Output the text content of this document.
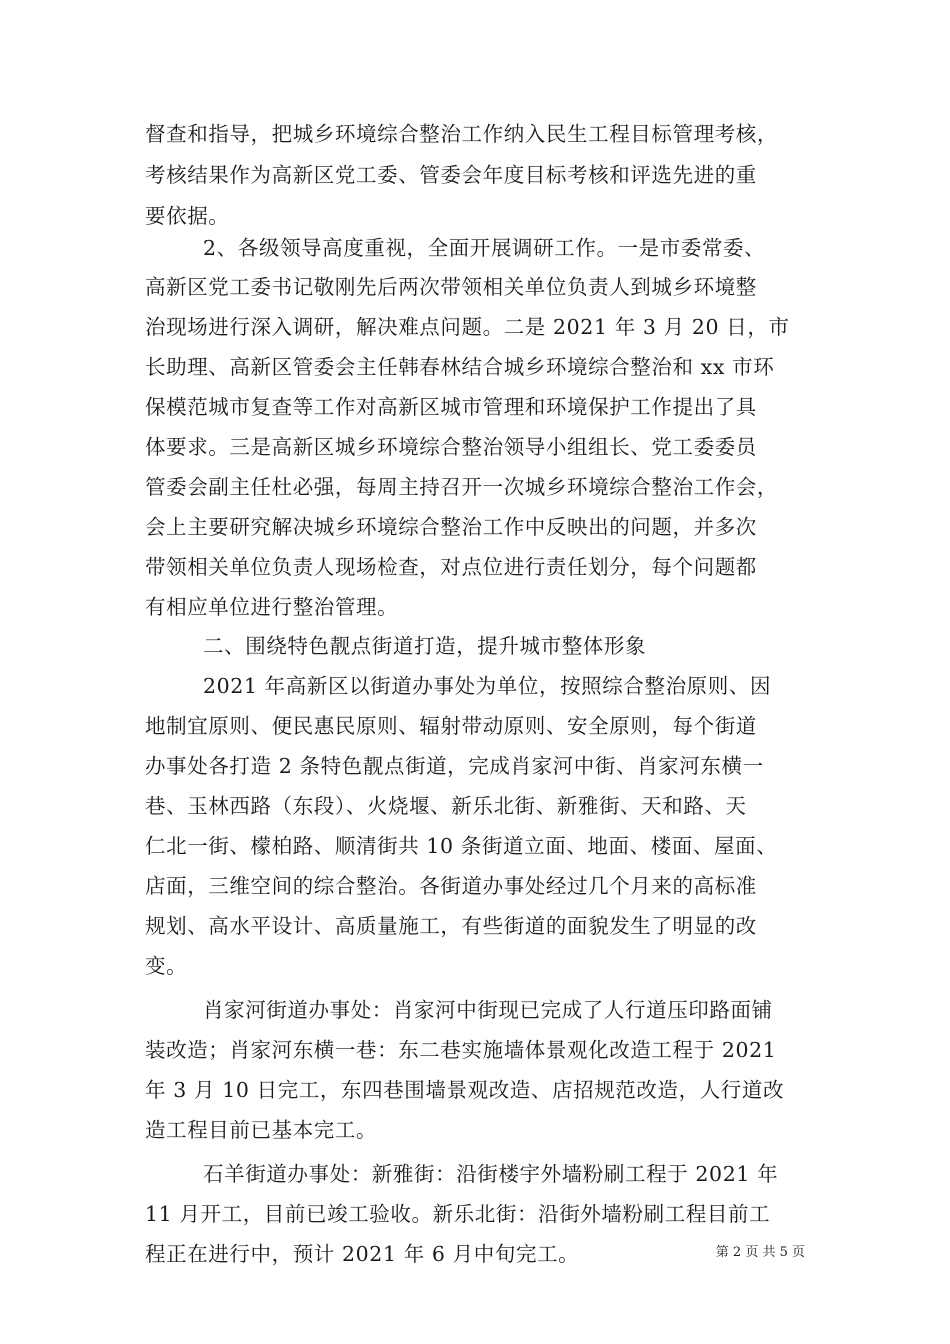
督查和指导，把城乡环境综合整治工作纳入民生工程目标管理考核，
考核结果作为高新区党工委、管委会年度目标考核和评选先进的重
要依据。
2、各级领导高度重视，全面开展调研工作。一是市委常委、
高新区党工委书记敬刚先后两次带领相关单位负责人到城乡环境整
治现场进行深入调研，解决难点问题。二是 2021 年 3 月 20 日，市
长助理、高新区管委会主任韩春林结合城乡环境综合整治和 xx 市环
保模范城市复查等工作对高新区城市管理和环境保护工作提出了具
体要求。三是高新区城乡环境综合整治领导小组组长、党工委委员
管委会副主任杜必强，每周主持召开一次城乡环境综合整治工作会，
会上主要研究解决城乡环境综合整治工作中反映出的问题，并多次
带领相关单位负责人现场检查，对点位进行责任划分，每个问题都
有相应单位进行整治管理。
二、围绕特色靓点街道打造，提升城市整体形象
2021 年高新区以街道办事处为单位，按照综合整治原则、因
地制宜原则、便民惠民原则、辐射带动原则、安全原则，每个街道
办事处各打造 2 条特色靓点街道，完成肖家河中街、肖家河东横一
巷、玉林西路（东段）、火烧堰、新乐北街、新雅街、天和路、天
仁北一街、檬柏路、顺清街共 10 条街道立面、地面、楼面、屋面、
店面，三维空间的综合整治。各街道办事处经过几个月来的高标准
规划、高水平设计、高质量施工，有些街道的面貌发生了明显的改
变。
肖家河街道办事处：肖家河中街现已完成了人行道压印路面铺
装改造；肖家河东横一巷：东二巷实施墙体景观化改造工程于 2021
年 3 月 10 日完工，东四巷围墙景观改造、店招规范改造，人行道改
造工程目前已基本完工。
石羊街道办事处：新雅街：沿街楼宇外墙粉刷工程于 2021 年
11 月开工，目前已竣工验收。新乐北街：沿街外墙粉刷工程目前工
程正在进行中，预计 2021 年 6 月中旬完工。	第 2 页 共 5 页
